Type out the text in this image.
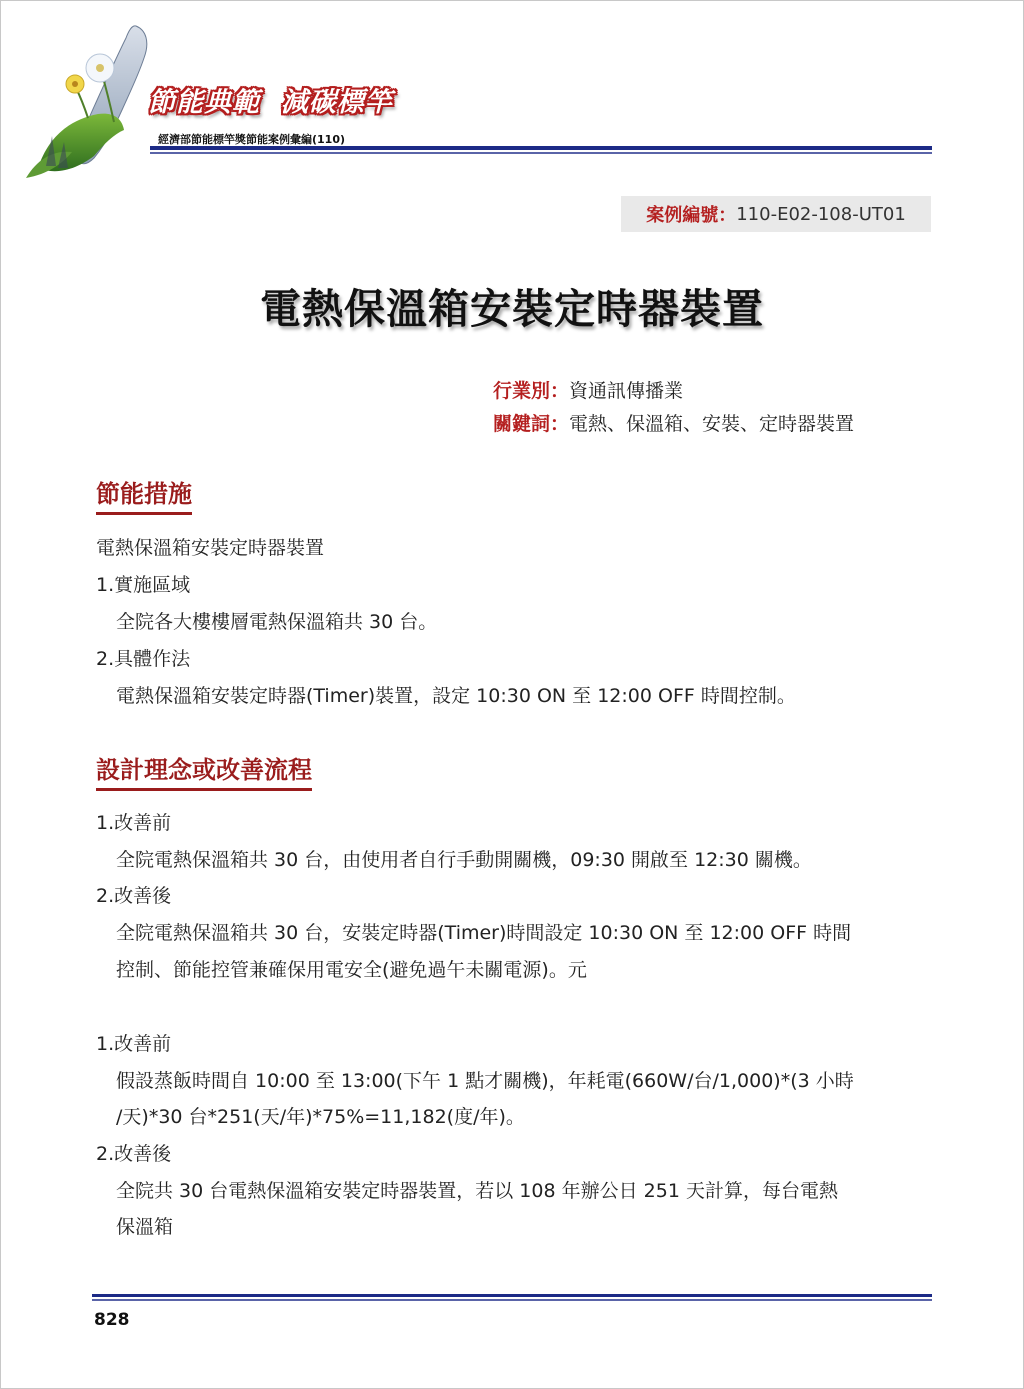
節能典範  減碳標竿
經濟部節能標竿獎節能案例彙編(110)
案例編號： 110-E02-108-UT01
電熱保溫箱安裝定時器裝置
行業別：資通訊傳播業
關鍵詞：電熱、保溫箱、安裝、定時器裝置
節能措施
電熱保溫箱安裝定時器裝置
1.實施區域
全院各大樓樓層電熱保溫箱共 30 台。
2.具體作法
電熱保溫箱安裝定時器(Timer)裝置，設定 10:30 ON 至 12:00 OFF 時間控制。
設計理念或改善流程
1.改善前
全院電熱保溫箱共 30 台，由使用者自行手動開關機，09:30 開啟至 12:30 關機。
2.改善後
全院電熱保溫箱共 30 台，安裝定時器(Timer)時間設定 10:30 ON 至 12:00 OFF 時間
控制、節能控管兼確保用電安全(避免過午未關電源)。元
1.改善前
假設蒸飯時間自 10:00 至 13:00(下午 1 點才關機)，年耗電(660W/台/1,000)*(3 小時
/天)*30 台*251(天/年)*75%=11,182(度/年)。
2.改善後
全院共 30 台電熱保溫箱安裝定時器裝置，若以 108 年辦公日 251 天計算，每台電熱
保溫箱
828
